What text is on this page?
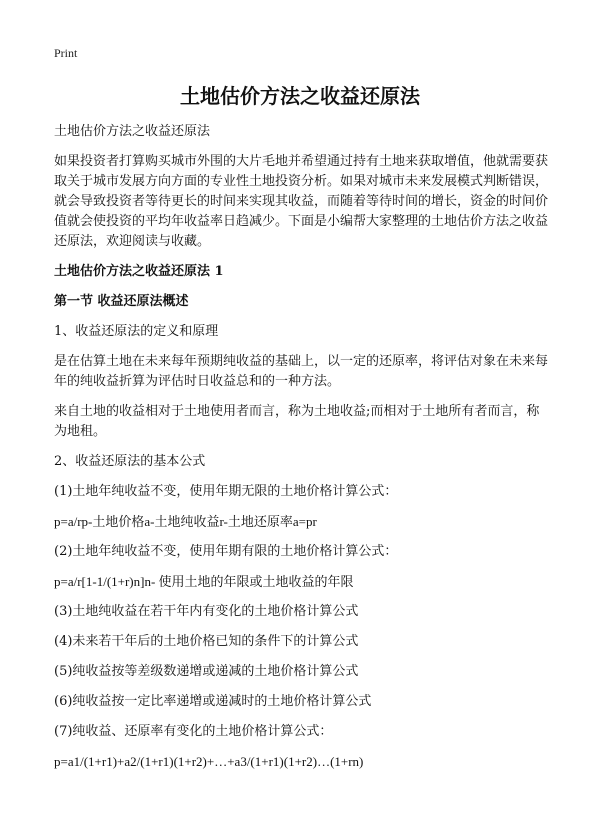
Print
土地估价方法之收益还原法

土地估价方法之收益还原法

如果投资者打算购买城市外围的大片毛地并希望通过持有土地来获取增值，他就需要获取关于城市发展方向方面的专业性土地投资分析。如果对城市未来发展模式判断错误，就会导致投资者等待更长的时间来实现其收益，而随着等待时间的增长，资金的时间价值就会使投资的平均年收益率日趋减少。下面是小编帮大家整理的土地估价方法之收益还原法，欢迎阅读与收藏。

土地估价方法之收益还原法 1

第一节 收益还原法概述

1、收益还原法的定义和原理

是在估算土地在未来每年预期纯收益的基础上，以一定的还原率，将评估对象在未来每年的纯收益折算为评估时日收益总和的一种方法。

来自土地的收益相对于土地使用者而言，称为土地收益;而相对于土地所有者而言，称为地租。

2、收益还原法的基本公式

(1)土地年纯收益不变，使用年期无限的土地价格计算公式：

p=a/rp-土地价格a-土地纯收益r-土地还原率a=pr

(2)土地年纯收益不变，使用年期有限的土地价格计算公式：

p=a/r[1-1/(1+r)n]n- 使用土地的年限或土地收益的年限

(3)土地纯收益在若干年内有变化的土地价格计算公式

(4)未来若干年后的土地价格已知的条件下的计算公式

(5)纯收益按等差级数递增或递减的土地价格计算公式

(6)纯收益按一定比率递增或递减时的土地价格计算公式

(7)纯收益、还原率有变化的土地价格计算公式：

p=a1/(1+r1)+a2/(1+r1)(1+r2)+…+a3/(1+r1)(1+r2)…(1+rn)
